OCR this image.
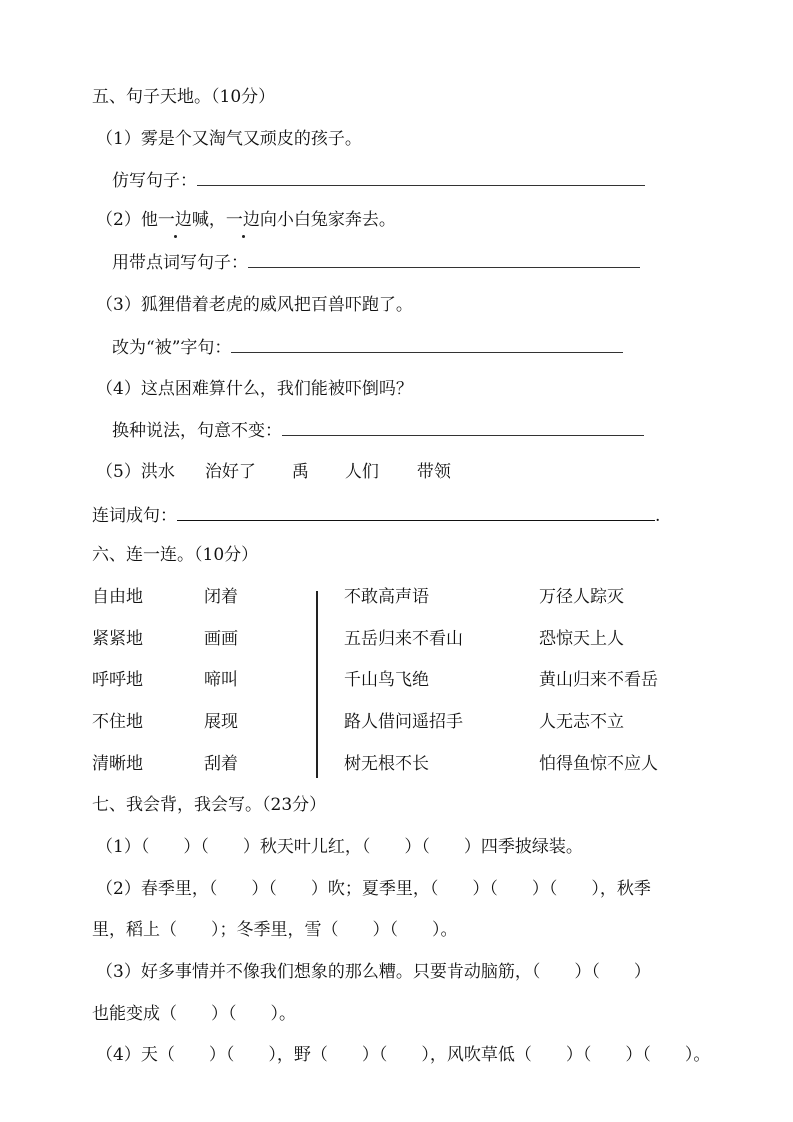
五、句子天地。（10分）
（1）雾是个又淘气又顽皮的孩子。
仿写句子：
（2）他一边喊，一边向小白兔家奔去。
用带点词写句子：
（3）狐狸借着老虎的威风把百兽吓跑了。
改为“被”字句：
（4）这点困难算什么，我们能被吓倒吗？
换种说法，句意不变：
（5）洪水 治好了 禹 人们 带领
连词成句：	.
六、连一连。（10分）
自由地
紧紧地
呼呼地
不住地
清晰地
闭着
画画
啼叫
展现
刮着
不敢高声语
五岳归来不看山
千山鸟飞绝
路人借问遥招手
树无根不长
万径人踪灭
恐惊天上人
黄山归来不看岳
人无志不立
怕得鱼惊不应人
七、我会背，我会写。（23分）
（1）（　　）（　　）秋天叶儿红，（　　）（　　）四季披绿装。
（2）春季里，（　　）（　　）吹；夏季里，（　　）（　　）（　　），秋季
里，稻上（　　）；冬季里，雪（　　）（　　）。
（3）好多事情并不像我们想象的那么糟。只要肯动脑筋，（　　）（　　）
也能变成（　　）（　　）。
（4）天（　　）（　　），野（　　）（　　），风吹草低（　　）（　　）（　　）。
